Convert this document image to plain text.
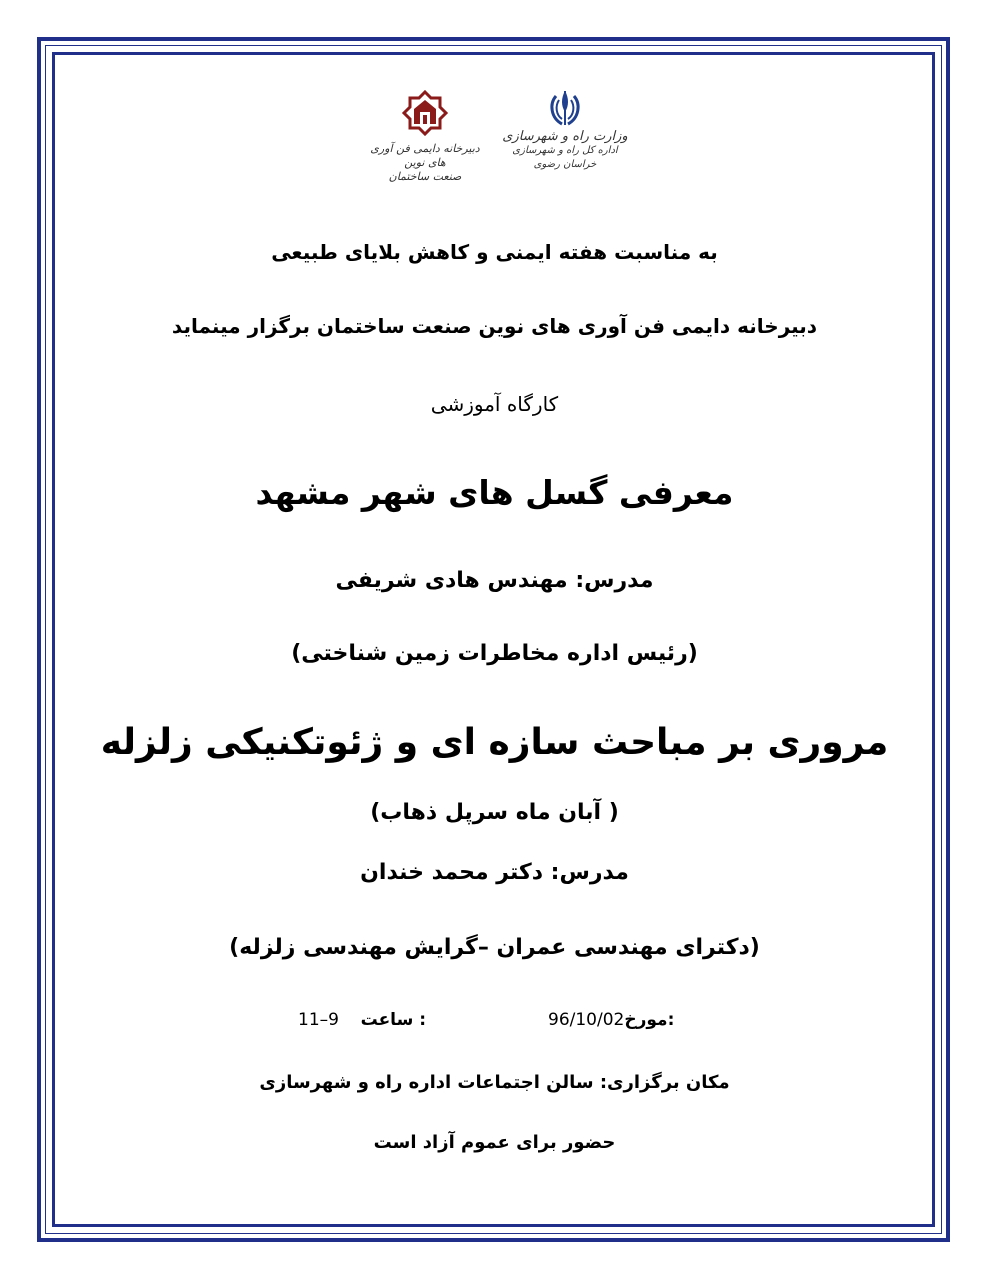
دبیرخانه دایمی فن آوری های نوین
صنعت ساختمان
وزارت راه و شهرسازی
اداره کل راه و شهرسازی خراسان رضوی
به مناسبت هفته ایمنی و کاهش بلایای طبیعی
دبیرخانه دایمی فن آوری های نوین صنعت ساختمان برگزار مینماید
کارگاه آموزشی
معرفی گسل های شهر مشهد
مدرس: مهندس هادی شریفی
(رئیس اداره مخاطرات زمین شناختی)
مروری بر مباحث سازه ای و ژئوتکنیکی زلزله
( آبان ماه سرپل ذهاب)
مدرس: دکتر محمد خندان
(دکترای مهندسی عمران –گرایش مهندسی زلزله)
96/10/02مورخ:
11–9 ساعت :
مکان برگزاری: سالن اجتماعات اداره راه و شهرسازی
حضور برای عموم آزاد است
